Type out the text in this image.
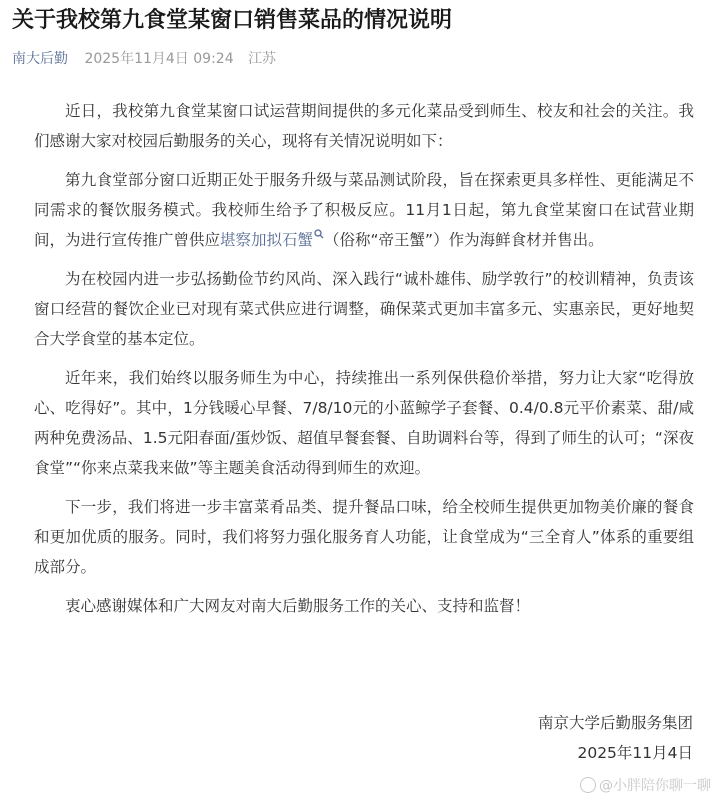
关于我校第九食堂某窗口销售菜品的情况说明
南大后勤 2025年11月4日 09:24 江苏

近日，我校第九食堂某窗口试运营期间提供的多元化菜品受到师生、校友和社会的关注。我们感谢大家对校园后勤服务的关心，现将有关情况说明如下：

第九食堂部分窗口近期正处于服务升级与菜品测试阶段，旨在探索更具多样性、更能满足不同需求的餐饮服务模式。我校师生给予了积极反应。11月1日起，第九食堂某窗口在试营业期间，为进行宣传推广曾供应堪察加拟石蟹 （俗称“帝王蟹”）作为海鲜食材并售出。

为在校园内进一步弘扬勤俭节约风尚、深入践行“诚朴雄伟、励学敦行”的校训精神，负责该窗口经营的餐饮企业已对现有菜式供应进行调整，确保菜式更加丰富多元、实惠亲民，更好地契合大学食堂的基本定位。

近年来，我们始终以服务师生为中心，持续推出一系列保供稳价举措，努力让大家“吃得放心、吃得好”。其中，1分钱暖心早餐、7/8/10元的小蓝鲸学子套餐、0.4/0.8元平价素菜、甜/咸两种免费汤品、1.5元阳春面/蛋炒饭、超值早餐套餐、自助调料台等，得到了师生的认可；“深夜食堂”“你来点菜我来做”等主题美食活动得到师生的欢迎。

下一步，我们将进一步丰富菜肴品类、提升餐品口味，给全校师生提供更加物美价廉的餐食和更加优质的服务。同时，我们将努力强化服务育人功能，让食堂成为“三全育人”体系的重要组成部分。

衷心感谢媒体和广大网友对南大后勤服务工作的关心、支持和监督！

南京大学后勤服务集团
2025年11月4日
@小胖陪你聊一聊
